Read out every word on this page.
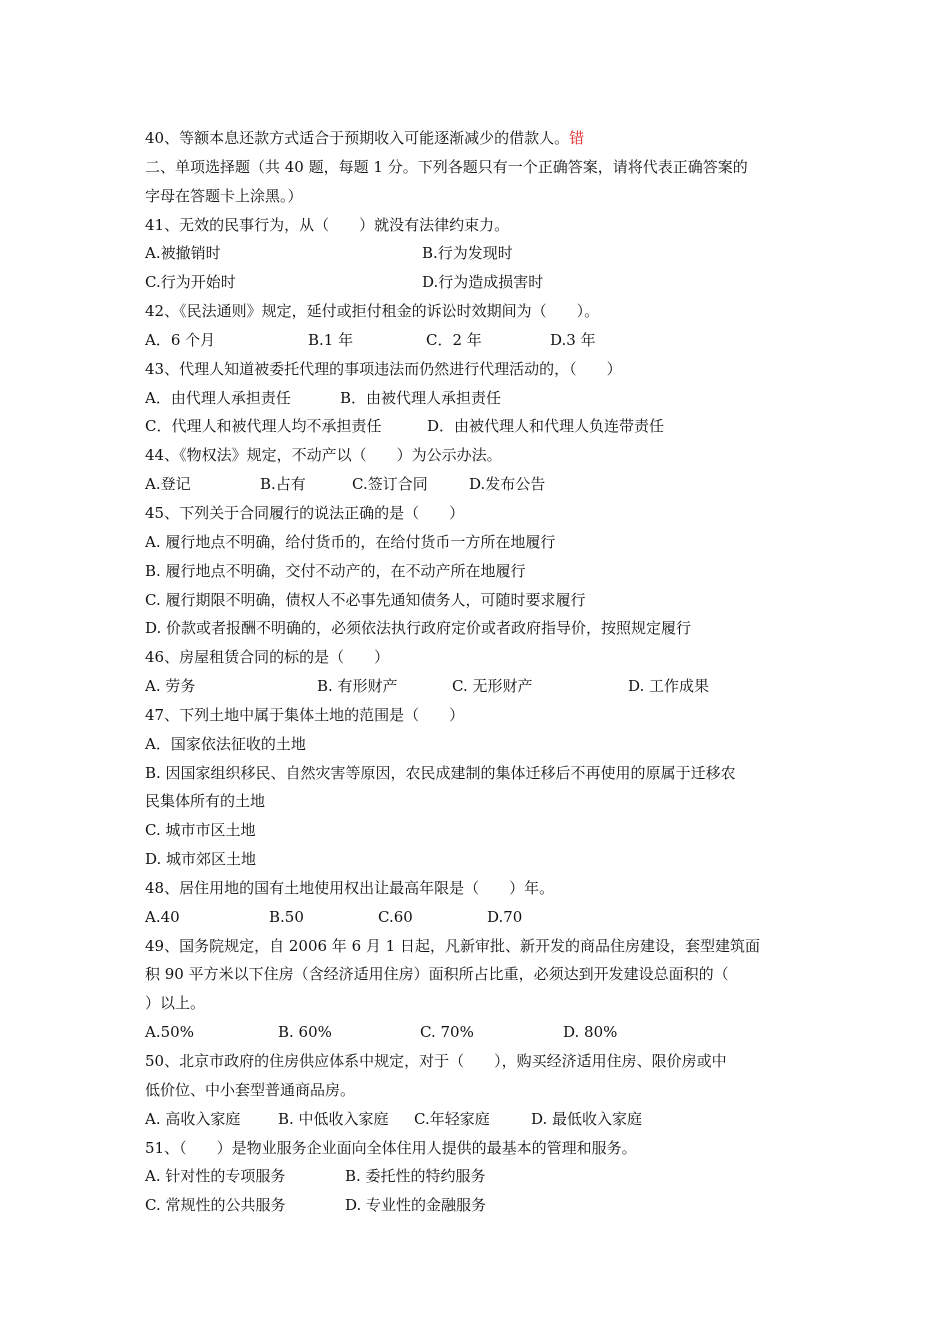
40、等额本息还款方式适合于预期收入可能逐渐减少的借款人。错
二、单项选择题（共 40 题，每题 1 分。下列各题只有一个正确答案，请将代表正确答案的
字母在答题卡上涂黑。）
41、无效的民事行为，从（　　）就没有法律约束力。
A.被撤销时	B.行为发现时
C.行为开始时	D.行为造成损害时
42、《民法通则》规定，延付或拒付租金的诉讼时效期间为（　　）。
A．6 个月	B.1 年	C．2 年	D.3 年
43、代理人知道被委托代理的事项违法而仍然进行代理活动的，（　　）
A．由代理人承担责任	B．由被代理人承担责任
C．代理人和被代理人均不承担责任	D．由被代理人和代理人负连带责任
44、《物权法》规定，不动产以（　　）为公示办法。
A.登记	B.占有	C.签订合同	D.发布公告
45、下列关于合同履行的说法正确的是（　　）
A. 履行地点不明确，给付货币的，在给付货币一方所在地履行
B. 履行地点不明确，交付不动产的，在不动产所在地履行
C. 履行期限不明确，债权人不必事先通知债务人，可随时要求履行
D. 价款或者报酬不明确的，必须依法执行政府定价或者政府指导价，按照规定履行
46、房屋租赁合同的标的是（　　）
A. 劳务	B. 有形财产	C. 无形财产	D. 工作成果
47、下列土地中属于集体土地的范围是（　　）
A．国家依法征收的土地
B. 因国家组织移民、自然灾害等原因，农民成建制的集体迁移后不再使用的原属于迁移农
民集体所有的土地
C. 城市市区土地
D. 城市郊区土地
48、居住用地的国有土地使用权出让最高年限是（　　）年。
A.40	B.50	C.60	D.70
49、国务院规定，自 2006 年 6 月 1 日起，凡新审批、新开发的商品住房建设，套型建筑面
积 90 平方米以下住房（含经济适用住房）面积所占比重，必须达到开发建设总面积的（
）以上。
A.50%	B. 60%	C. 70%	D. 80%
50、北京市政府的住房供应体系中规定，对于（　　），购买经济适用住房、限价房或中
低价位、中小套型普通商品房。
A. 高收入家庭	B. 中低收入家庭 C.年轻家庭	D. 最低收入家庭
51、（　　）是物业服务企业面向全体住用人提供的最基本的管理和服务。
A. 针对性的专项服务	B. 委托性的特约服务
C. 常规性的公共服务	D. 专业性的金融服务
